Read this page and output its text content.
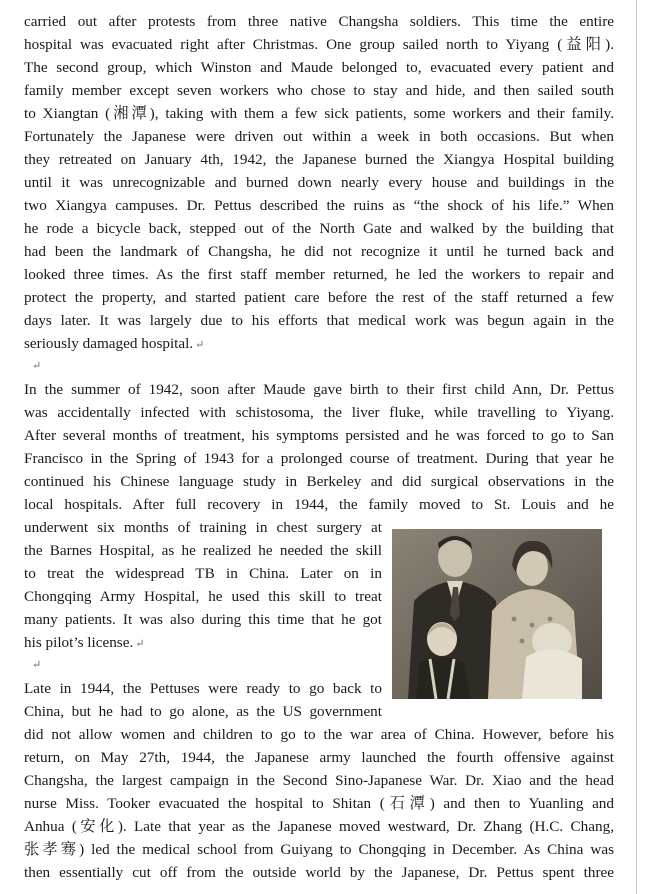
carried out after protests from three native Changsha soldiers. This time the entire
hospital was evacuated right after Christmas. One group sailed north to Yiyang (益阳).
The second group, which Winston and Maude belonged to, evacuated every patient and
family member except seven workers who chose to stay and hide, and then sailed south
to Xiangtan (湘潭), taking with them a few sick patients, some workers and their family.
Fortunately the Japanese were driven out within a week in both occasions. But when
they retreated on January 4th, 1942, the Japanese burned the Xiangya Hospital building
until it was unrecognizable and burned down nearly every house and buildings in the
two Xiangya campuses. Dr. Pettus described the ruins as “the shock of his life.” When
he rode a bicycle back, stepped out of the North Gate and walked by the building that
had been the landmark of Changsha, he did not recognize it until he turned back and
looked three times. As the first staff member returned, he led the workers to repair and
protect the property, and started patient care before the rest of the staff returned a few
days later. It was largely due to his efforts that medical work was begun again in the
seriously damaged hospital. ↵
↵
In the summer of 1942, soon after Maude gave birth to their first child Ann, Dr. Pettus
was accidentally infected with schistosoma, the liver fluke, while travelling to Yiyang.
After several months of treatment, his symptoms persisted and he was forced to go to San
Francisco in the Spring of 1943 for a prolonged course of treatment. During that year he
continued his Chinese language study in Berkeley and did surgical observations in the
local hospitals. After full recovery in 1944, the family moved to St. Louis and he
underwent six months of training in chest surgery at
the Barnes Hospital, as he realized he needed the skill
to treat the widespread TB in China. Later on in
Chongqing Army Hospital, he used this skill to treat
many patients. It was also during this time that he got
his pilot’s license. ↵
↵
Late in 1944, the Pettuses were ready to go back to
China, but he had to go alone, as the US government
did not allow women and children to go to the war area of China. However, before his
return, on May 27th, 1944, the Japanese army launched the fourth offensive against
Changsha, the largest campaign in the Second Sino-Japanese War. Dr. Xiao and the head
nurse Miss. Tooker evacuated the hospital to Shitan (石潭) and then to Yuanling and
Anhua (安化). Late that year as the Japanese moved westward, Dr. Zhang (H.C. Chang,
张孝骞) led the medical school from Guiyang to Chongqing in December. As China was
then essentially cut off from the outside world by the Japanese, Dr. Pettus spent three
